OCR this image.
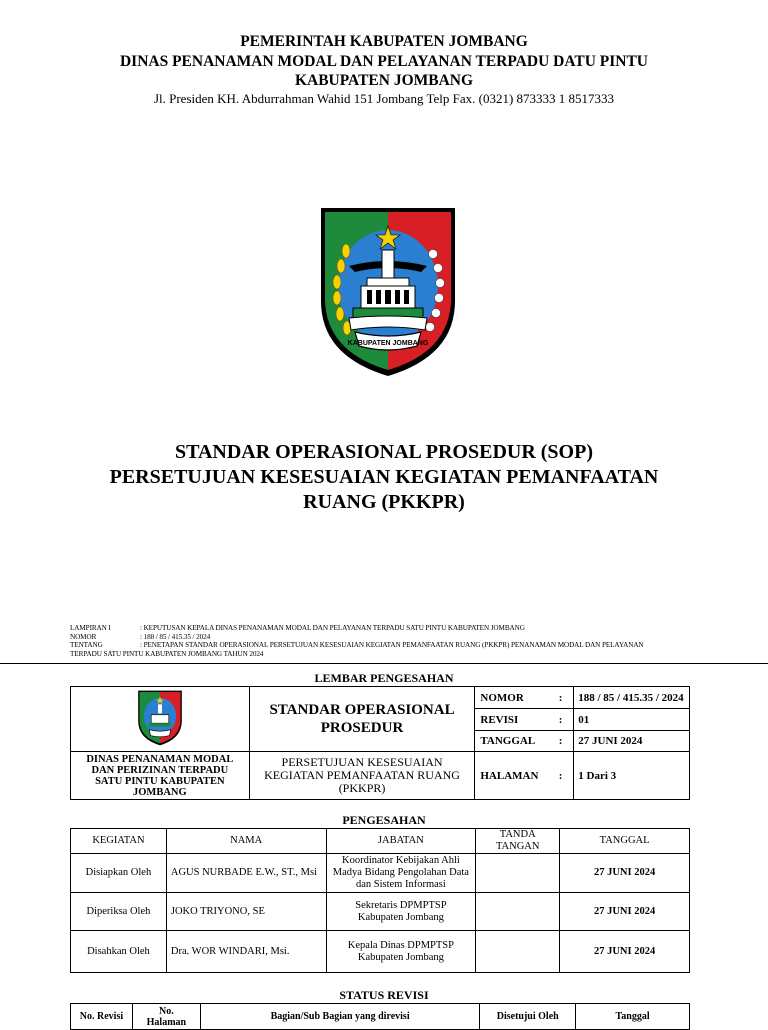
PEMERINTAH KABUPATEN JOMBANG
DINAS PENANAMAN MODAL DAN PELAYANAN TERPADU DATU PINTU
KABUPATEN JOMBANG
Jl. Presiden KH. Abdurrahman Wahid 151 Jombang Telp Fax. (0321) 873333 1 8517333
KABUPATEN JOMBANG
STANDAR OPERASIONAL PROSEDUR (SOP)
PERSETUJUAN KESESUAIAN KEGIATAN PEMANFAATAN
RUANG (PKKPR)
LAMPIRAN I	: KEPUTUSAN KEPALA DINAS PENANAMAN MODAL DAN PELAYANAN TERPADU SATU PINTU KABUPATEN JOMBANG
NOMOR	: 188 / 85 / 415.35 / 2024
TENTANG	: PENETAPAN STANDAR OPERASIONAL PERSETUJUAN KESESUAIAN KEGIATAN PEMANFAATAN RUANG (PKKPR) PENANAMAN MODAL DAN PELAYANAN
TERPADU SATU PINTU KABUPATEN JOMBANG TAHUN 2024
LEMBAR PENGESAHAN
	STANDAR OPERASIONAL PROSEDUR	NOMOR	:	188 / 85 / 415.35 / 2024
		REVISI	:	01
		TANGGAL	:	27 JUNI 2024
DINAS PENANAMAN MODAL DAN PERIZINAN TERPADU SATU PINTU KABUPATEN JOMBANG	PERSETUJUAN KESESUAIAN KEGIATAN PEMANFAATAN RUANG (PKKPR)	HALAMAN	:	1 Dari 3
PENGESAHAN
KEGIATAN	NAMA	JABATAN	TANDA TANGAN	TANGGAL
Disiapkan Oleh	AGUS NURBADE E.W., ST., Msi	Koordinator Kebijakan Ahli Madya Bidang Pengolahan Data dan Sistem Informasi		27 JUNI 2024
Diperiksa Oleh	JOKO TRIYONO, SE	Sekretaris DPMPTSP Kabupaten Jombang		27 JUNI 2024
Disahkan Oleh	Dra. WOR WINDARI, Msi.	Kepala Dinas DPMPTSP Kabupaten Jombang		27 JUNI 2024
STATUS REVISI
No. Revisi	No. Halaman	Bagian/Sub Bagian yang direvisi	Disetujui Oleh	Tanggal
